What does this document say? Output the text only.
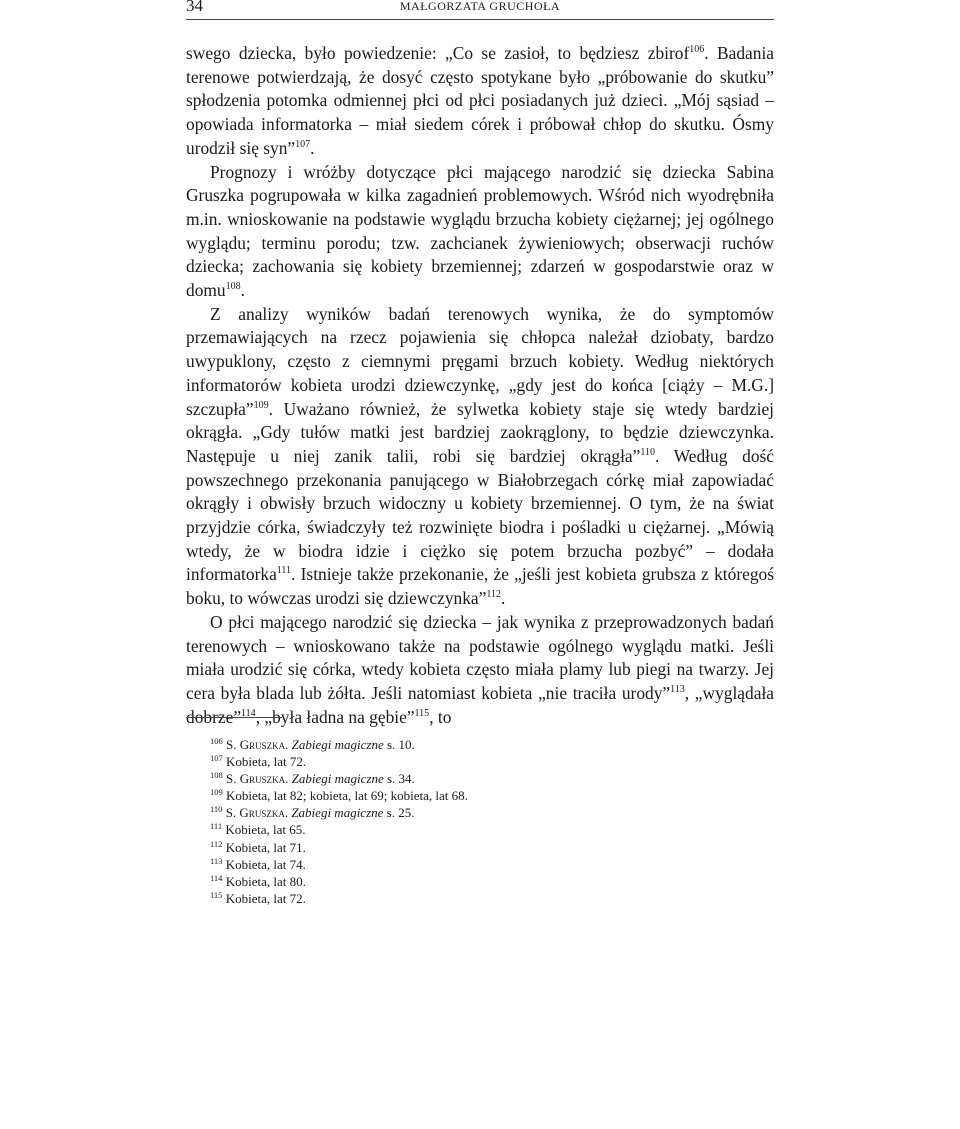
34	MAŁGORZATA GRUCHOŁA

swego dziecka, było powiedzenie: „Co se zasioł, to będziesz zbirof$^{106}$. Badania terenowe potwierdzają, że dosyć często spotykane było „próbowanie do skutku” spłodzenia potomka odmiennej płci od płci posiadanych już dzieci. „Mój sąsiad – opowiada informatorka – miał siedem córek i próbował chłop do skutku. Ósmy urodził się syn”$^{107}$.

Prognozy i wróżby dotyczące płci mającego narodzić się dziecka Sabina Gruszka pogrupowała w kilka zagadnień problemowych. Wśród nich wyodrębniła m.in. wnioskowanie na podstawie wyglądu brzucha kobiety ciężarnej; jej ogólnego wyglądu; terminu porodu; tzw. zachcianek żywieniowych; obserwacji ruchów dziecka; zachowania się kobiety brzemiennej; zdarzeń w gospodarstwie oraz w domu$^{108}$.

Z analizy wyników badań terenowych wynika, że do symptomów przemawiających na rzecz pojawienia się chłopca należał dziobaty, bardzo uwypuklony, często z ciemnymi pręgami brzuch kobiety. Według niektórych informatorów kobieta urodzi dziewczynkę, „gdy jest do końca [ciąży – M.G.] szczupła”$^{109}$. Uważano również, że sylwetka kobiety staje się wtedy bardziej okrągła. „Gdy tułów matki jest bardziej zaokrąglony, to będzie dziewczynka. Następuje u niej zanik talii, robi się bardziej okrągła”$^{110}$. Według dość powszechnego przekonania panującego w Białobrzegach córkę miał zapowiadać okrągły i obwisły brzuch widoczny u kobiety brzemiennej. O tym, że na świat przyjdzie córka, świadczyły też rozwinięte biodra i pośladki u ciężarnej. „Mówią wtedy, że w biodra idzie i ciężko się potem brzucha pozbyć” – dodała informatorka$^{111}$. Istnieje także przekonanie, że „jeśli jest kobieta grubsza z któregoś boku, to wówczas urodzi się dziewczynka”$^{112}$.

O płci mającego narodzić się dziecka – jak wynika z przeprowadzonych badań terenowych – wnioskowano także na podstawie ogólnego wyglądu matki. Jeśli miała urodzić się córka, wtedy kobieta często miała plamy lub piegi na twarzy. Jej cera była blada lub żółta. Jeśli natomiast kobieta „nie traciła urody”$^{113}$, „wyglądała dobrze”$^{114}$, „była ładna na gębie”$^{115}$, to

$^{106}$ S. Gruszka. Zabiegi magiczne s. 10.
$^{107}$ Kobieta, lat 72.
$^{108}$ S. Gruszka. Zabiegi magiczne s. 34.
$^{109}$ Kobieta, lat 82; kobieta, lat 69; kobieta, lat 68.
$^{110}$ S. Gruszka. Zabiegi magiczne s. 25.
$^{111}$ Kobieta, lat 65.
$^{112}$ Kobieta, lat 71.
$^{113}$ Kobieta, lat 74.
$^{114}$ Kobieta, lat 80.
$^{115}$ Kobieta, lat 72.
